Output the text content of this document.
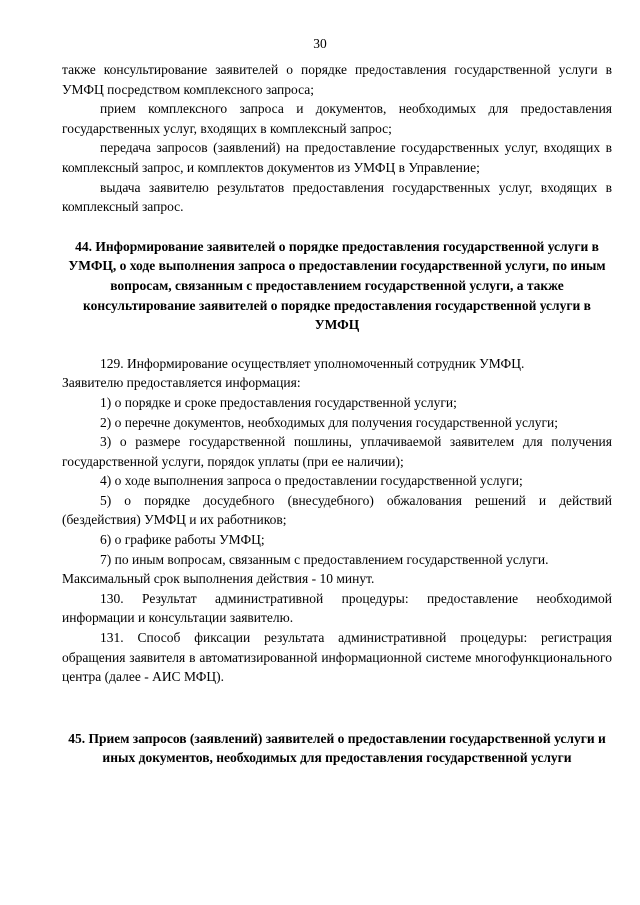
30

также консультирование заявителей о порядке предоставления государственной услуги в УМФЦ посредством комплексного запроса;

прием комплексного запроса и документов, необходимых для предоставления государственных услуг, входящих в комплексный запрос;

передача запросов (заявлений) на предоставление государственных услуг, входящих в комплексный запрос, и комплектов документов из УМФЦ в Управление;

выдача заявителю результатов предоставления государственных услуг, входящих в комплексный запрос.

44. Информирование заявителей о порядке предоставления государственной услуги в УМФЦ, о ходе выполнения запроса о предоставлении государственной услуги, по иным вопросам, связанным с предоставлением государственной услуги, а также консультирование заявителей о порядке предоставления государственной услуги в УМФЦ

129. Информирование осуществляет уполномоченный сотрудник УМФЦ.

Заявителю предоставляется информация:

1) о порядке и сроке предоставления государственной услуги;

2) о перечне документов, необходимых для получения государственной услуги;

3) о размере государственной пошлины, уплачиваемой заявителем для получения государственной услуги, порядок уплаты (при ее наличии);

4) о ходе выполнения запроса о предоставлении государственной услуги;

5) о порядке досудебного (внесудебного) обжалования решений и действий (бездействия) УМФЦ и их работников;

6) о графике работы УМФЦ;

7) по иным вопросам, связанным с предоставлением государственной услуги.

Максимальный срок выполнения действия - 10 минут.

130. Результат административной процедуры: предоставление необходимой информации и консультации заявителю.

131. Способ фиксации результата административной процедуры: регистрация обращения заявителя в автоматизированной информационной системе многофункционального центра (далее - АИС МФЦ).

45. Прием запросов (заявлений) заявителей о предоставлении государственной услуги и иных документов, необходимых для предоставления государственной услуги
